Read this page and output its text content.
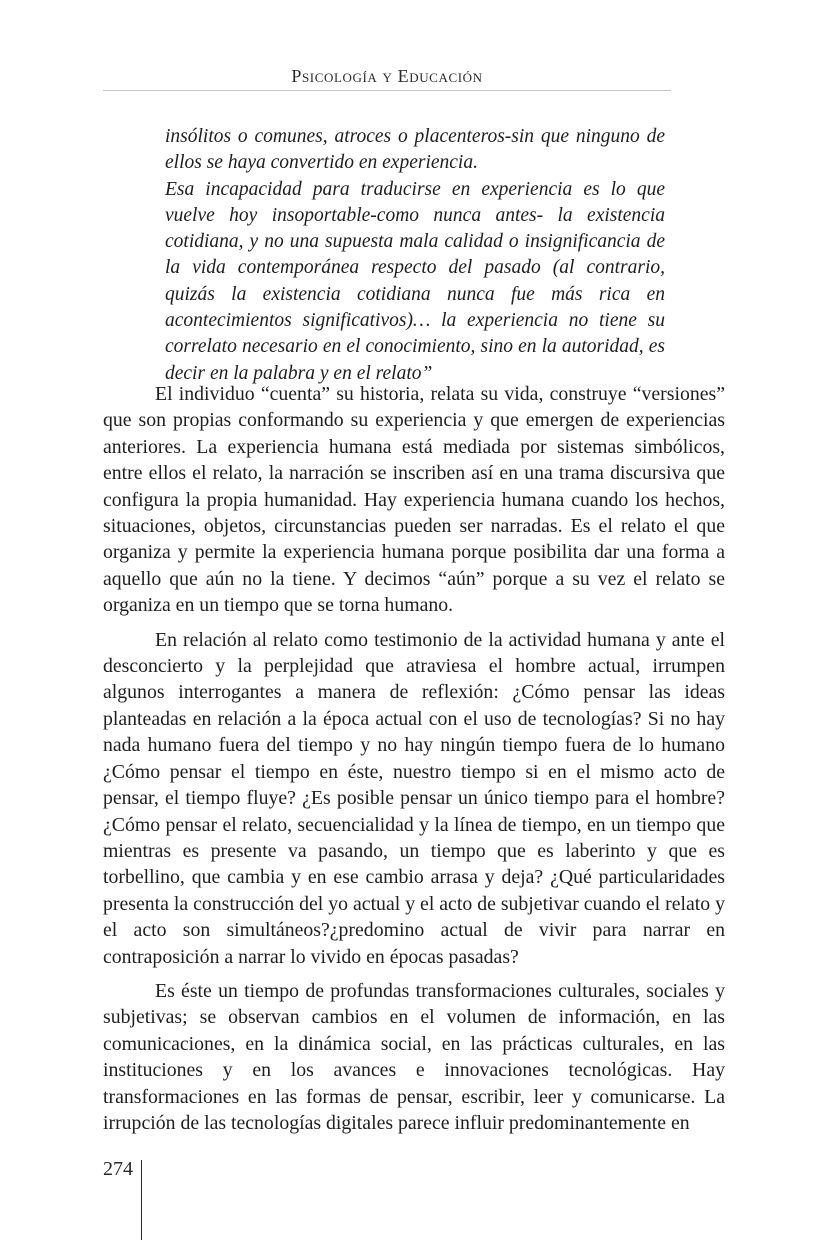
Psicología y Educación

insólitos o comunes, atroces o placenteros-sin que ninguno de ellos se haya convertido en experiencia.

Esa incapacidad para traducirse en experiencia es lo que vuelve hoy insoportable-como nunca antes- la existencia cotidiana, y no una supuesta mala calidad o insignificancia de la vida contemporánea respecto del pasado (al contrario, quizás la existencia cotidiana nunca fue más rica en acontecimientos significativos)… la experiencia no tiene su correlato necesario en el conocimiento, sino en la autoridad, es decir en la palabra y en el relato”

El individuo “cuenta” su historia, relata su vida, construye “versiones” que son propias conformando su experiencia y que emergen de experiencias anteriores. La experiencia humana está mediada por sistemas simbólicos, entre ellos el relato, la narración se inscriben así en una trama discursiva que configura la propia humanidad. Hay experiencia humana cuando los hechos, situaciones, objetos, circunstancias pueden ser narradas. Es el relato el que organiza y permite la experiencia humana porque posibilita dar una forma a aquello que aún no la tiene. Y decimos “aún” porque a su vez el relato se organiza en un tiempo que se torna humano.

En relación al relato como testimonio de la actividad humana y ante el desconcierto y la perplejidad que atraviesa el hombre actual, irrumpen algunos interrogantes a manera de reflexión: ¿Cómo pensar las ideas planteadas en relación a la época actual con el uso de tecnologías? Si no hay nada humano fuera del tiempo y no hay ningún tiempo fuera de lo humano ¿Cómo pensar el tiempo en éste, nuestro tiempo si en el mismo acto de pensar, el tiempo fluye? ¿Es posible pensar un único tiempo para el hombre? ¿Cómo pensar el relato, secuencialidad y la línea de tiempo, en un tiempo que mientras es presente va pasando, un tiempo que es laberinto y que es torbellino, que cambia y en ese cambio arrasa y deja? ¿Qué particularidades presenta la construcción del yo actual y el acto de subjetivar cuando el relato y el acto son simultáneos?¿predomino actual de vivir para narrar en contraposición a narrar lo vivido en épocas pasadas?

Es éste un tiempo de profundas transformaciones culturales, sociales y subjetivas; se observan cambios en el volumen de información, en las comunicaciones, en la dinámica social, en las prácticas culturales, en las instituciones y en los avances e innovaciones tecnológicas. Hay transformaciones en las formas de pensar, escribir, leer y comunicarse. La irrupción de las tecnologías digitales parece influir predominantemente en

274
